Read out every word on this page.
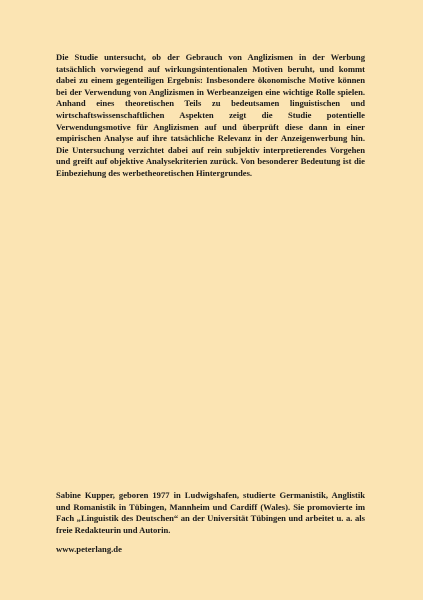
Die Studie untersucht, ob der Gebrauch von Anglizismen in der Werbung tatsächlich vorwiegend auf wirkungsintentionalen Motiven beruht, und kommt dabei zu einem gegenteiligen Ergebnis: Insbesondere ökonomische Motive können bei der Verwendung von Anglizismen in Werbeanzeigen eine wichtige Rolle spielen. Anhand eines theoretischen Teils zu bedeutsamen linguistischen und wirtschaftswissenschaftlichen Aspekten zeigt die Studie potentielle Verwendungsmotive für Anglizismen auf und überprüft diese dann in einer empirischen Analyse auf ihre tatsächliche Relevanz in der Anzeigenwerbung hin. Die Untersuchung verzichtet dabei auf rein subjektiv interpretierendes Vorgehen und greift auf objektive Analysekriterien zurück. Von besonderer Bedeutung ist die Einbeziehung des werbetheoretischen Hintergrundes.

Sabine Kupper, geboren 1977 in Ludwigshafen, studierte Germanistik, Anglistik und Romanistik in Tübingen, Mannheim und Cardiff (Wales). Sie promovierte im Fach „Linguistik des Deutschen“ an der Universität Tübingen und arbeitet u. a. als freie Redakteurin und Autorin.

www.peterlang.de
